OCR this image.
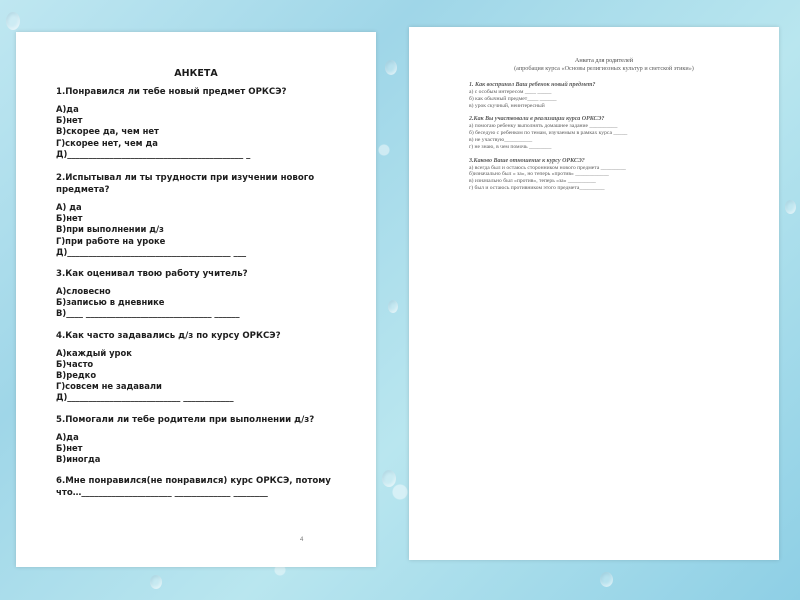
АНКЕТА
1.Понравился ли тебе новый предмет ОРКСЭ?
А)да
Б)нет
В)скорее да, чем нет
Г)скорее нет, чем да
Д)__________________________________________ _
2.Испытывал ли ты трудности при изучении нового предмета?
А) да
Б)нет
В)при выполнении д/з
Г)при работе на уроке
Д)_______________________________________ ___
3.Как оценивал твою работу учитель?
А)словесно
Б)записью в дневнике
В)____ ______________________________ ______
4.Как часто задавались д/з по курсу ОРКСЭ?
А)каждый урок
Б)часто
В)редко
Г)совсем не задавали
Д)___________________________ ____________
5.Помогали ли тебе родители при выполнении д/з?
А)да
Б)нет
В)иногда
6.Мне понравился(не понравился) курс ОРКСЭ, потому что…_____________________ _____________ ________
4
Анкета для родителей
(апробация курса «Основы религиозных культур и светской этики»)
1. Как воспринял Ваш ребенок новый предмет?
а) с особым интересом ____ _____
б) как обычный предмет____ ______
в) урок скучный, неинтересный
2.Как Вы участвовали в реализации курса ОРКСЭ?
а) помогаю ребенку выполнять домашнее задание __________
б) беседую с ребенком по темам, изучаемым в рамках курса _____
в) не участвую__________
г) не знаю, в чем помочь ________
3.Каково Ваше отношение к курсу ОРКСЭ?
а) всегда был и остаюсь сторонником нового предмета _________
б)изначально был « за», но теперь «против» ____________
в) изначально был «против», теперь «за» __________
г) был и остаюсь противником этого предмета_________
